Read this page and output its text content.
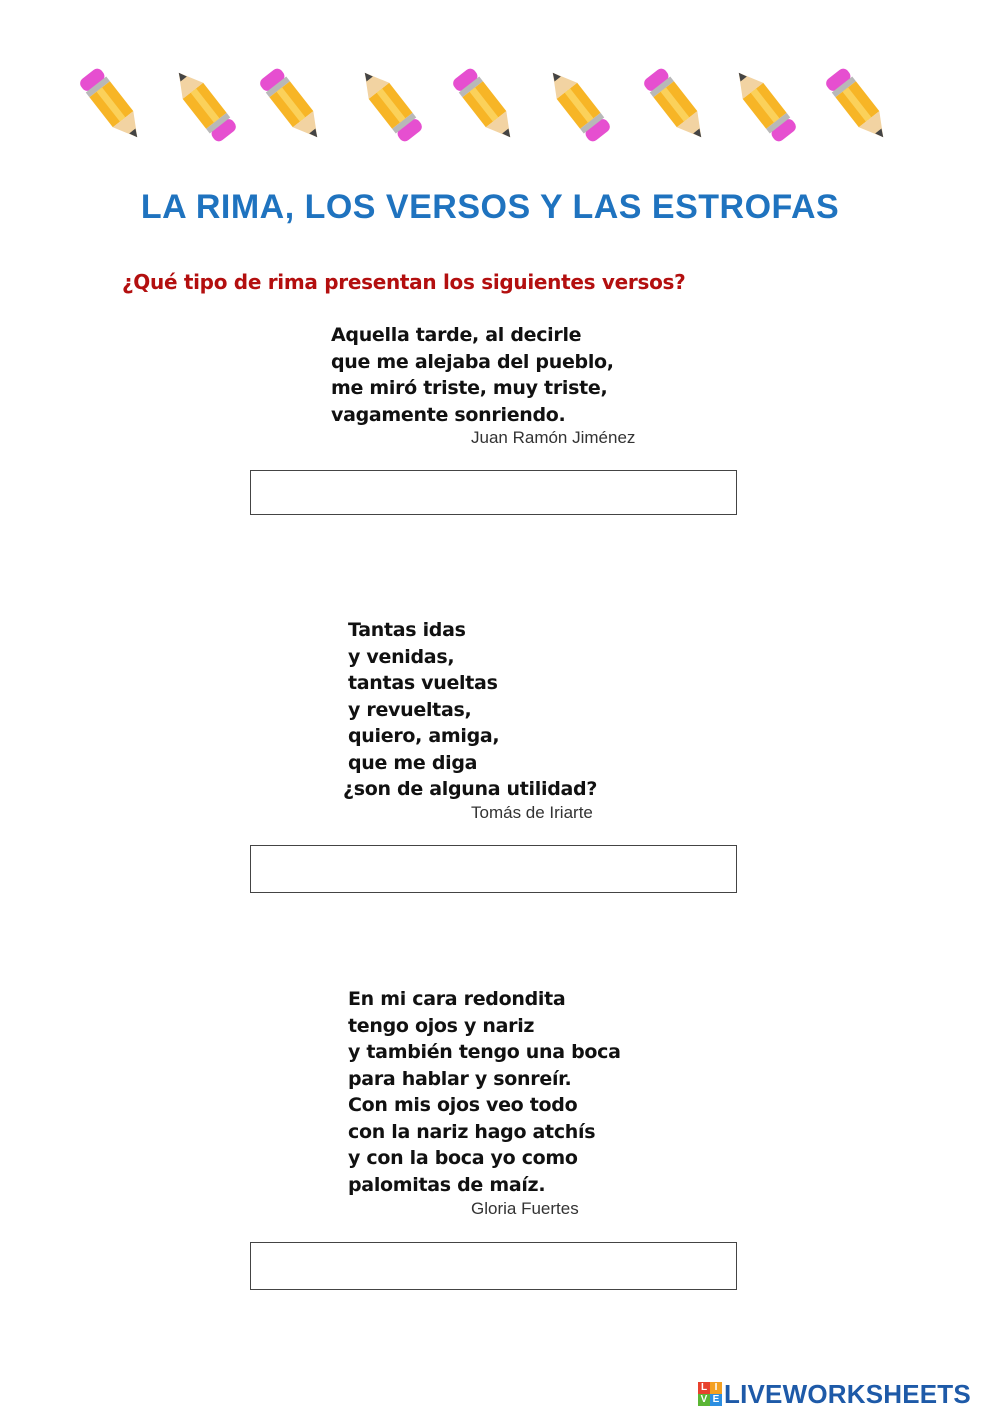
LA RIMA, LOS VERSOS Y LAS ESTROFAS
¿Qué tipo de rima presentan los siguientes versos?
Aquella tarde, al decirle
que me alejaba del pueblo,
me miró triste, muy triste,
vagamente sonriendo.
Juan Ramón Jiménez
Tantas idas
y venidas,
tantas vueltas
y revueltas,
quiero, amiga,
que me diga
¿son de alguna utilidad?
Tomás de Iriarte
En mi cara redondita
tengo ojos y nariz
y también tengo una boca
para hablar y sonreír.
Con mis ojos veo todo
con la nariz hago atchís
y con la boca yo como
palomitas de maíz.
Gloria Fuertes
L I
V E LIVEWORKSHEETS
